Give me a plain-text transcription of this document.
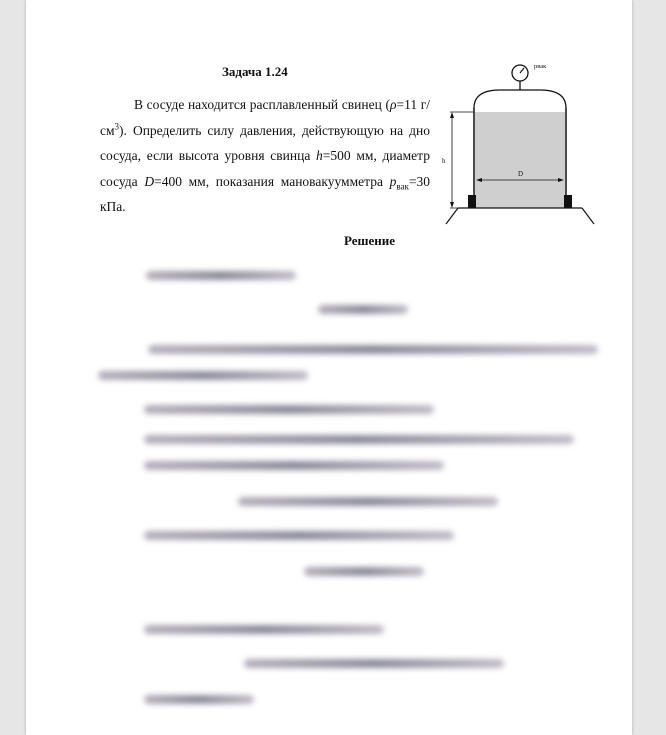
Задача 1.24
В сосуде находится расплавленный свинец (ρ=11 $г/см^3$). Определить силу давления, действующую на дно сосуда, если высота уровня свинца h=500 мм, диаметр сосуда D=400 мм, показания мановакуумметра $p_{вак}=30$ кПа.
pвак
h
D
Решение
